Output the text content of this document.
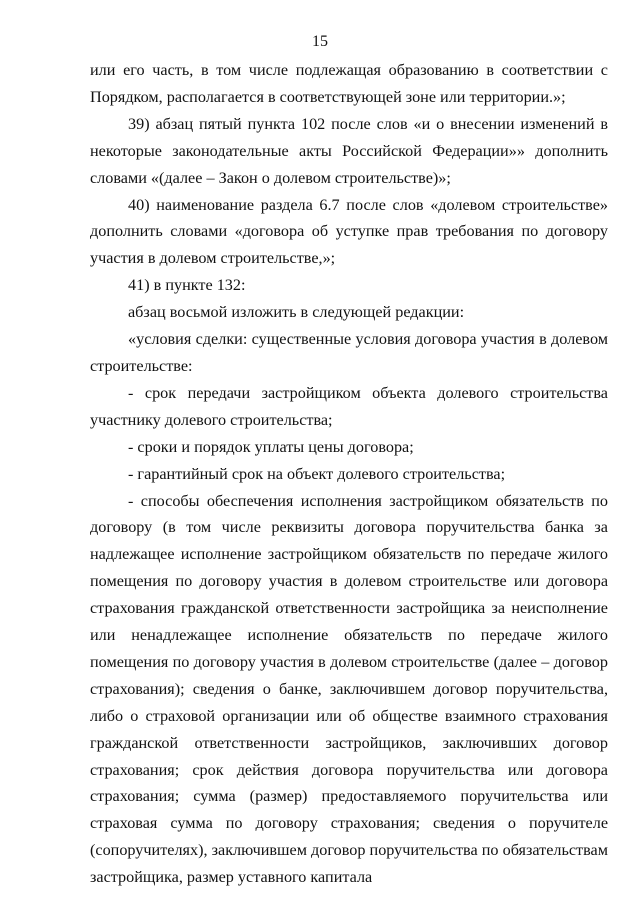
15

или его часть, в том числе подлежащая образованию в соответствии с Порядком, располагается в соответствующей зоне или территории.»;

39) абзац пятый пункта 102 после слов «и о внесении изменений в некоторые законодательные акты Российской Федерации»» дополнить словами «(далее – Закон о долевом строительстве)»;

40) наименование раздела 6.7 после слов «долевом строительстве» дополнить словами «договора об уступке прав требования по договору участия в долевом строительстве,»;

41) в пункте 132:

абзац восьмой изложить в следующей редакции:

«условия сделки: существенные условия договора участия в долевом строительстве:

- срок передачи застройщиком объекта долевого строительства участнику долевого строительства;

- сроки и порядок уплаты цены договора;

- гарантийный срок на объект долевого строительства;

- способы обеспечения исполнения застройщиком обязательств по договору (в том числе реквизиты договора поручительства банка за надлежащее исполнение застройщиком обязательств по передаче жилого помещения по договору участия в долевом строительстве или договора страхования гражданской ответственности застройщика за неисполнение или ненадлежащее исполнение обязательств по передаче жилого помещения по договору участия в долевом строительстве (далее – договор страхования); сведения о банке, заключившем договор поручительства, либо о страховой организации или об обществе взаимного страхования гражданской ответственности застройщиков, заключивших договор страхования; срок действия договора поручительства или договора страхования; сумма (размер) предоставляемого поручительства или страховая сумма по договору страхования; сведения о поручителе (сопоручителях), заключившем договор поручительства по обязательствам застройщика, размер уставного капитала
